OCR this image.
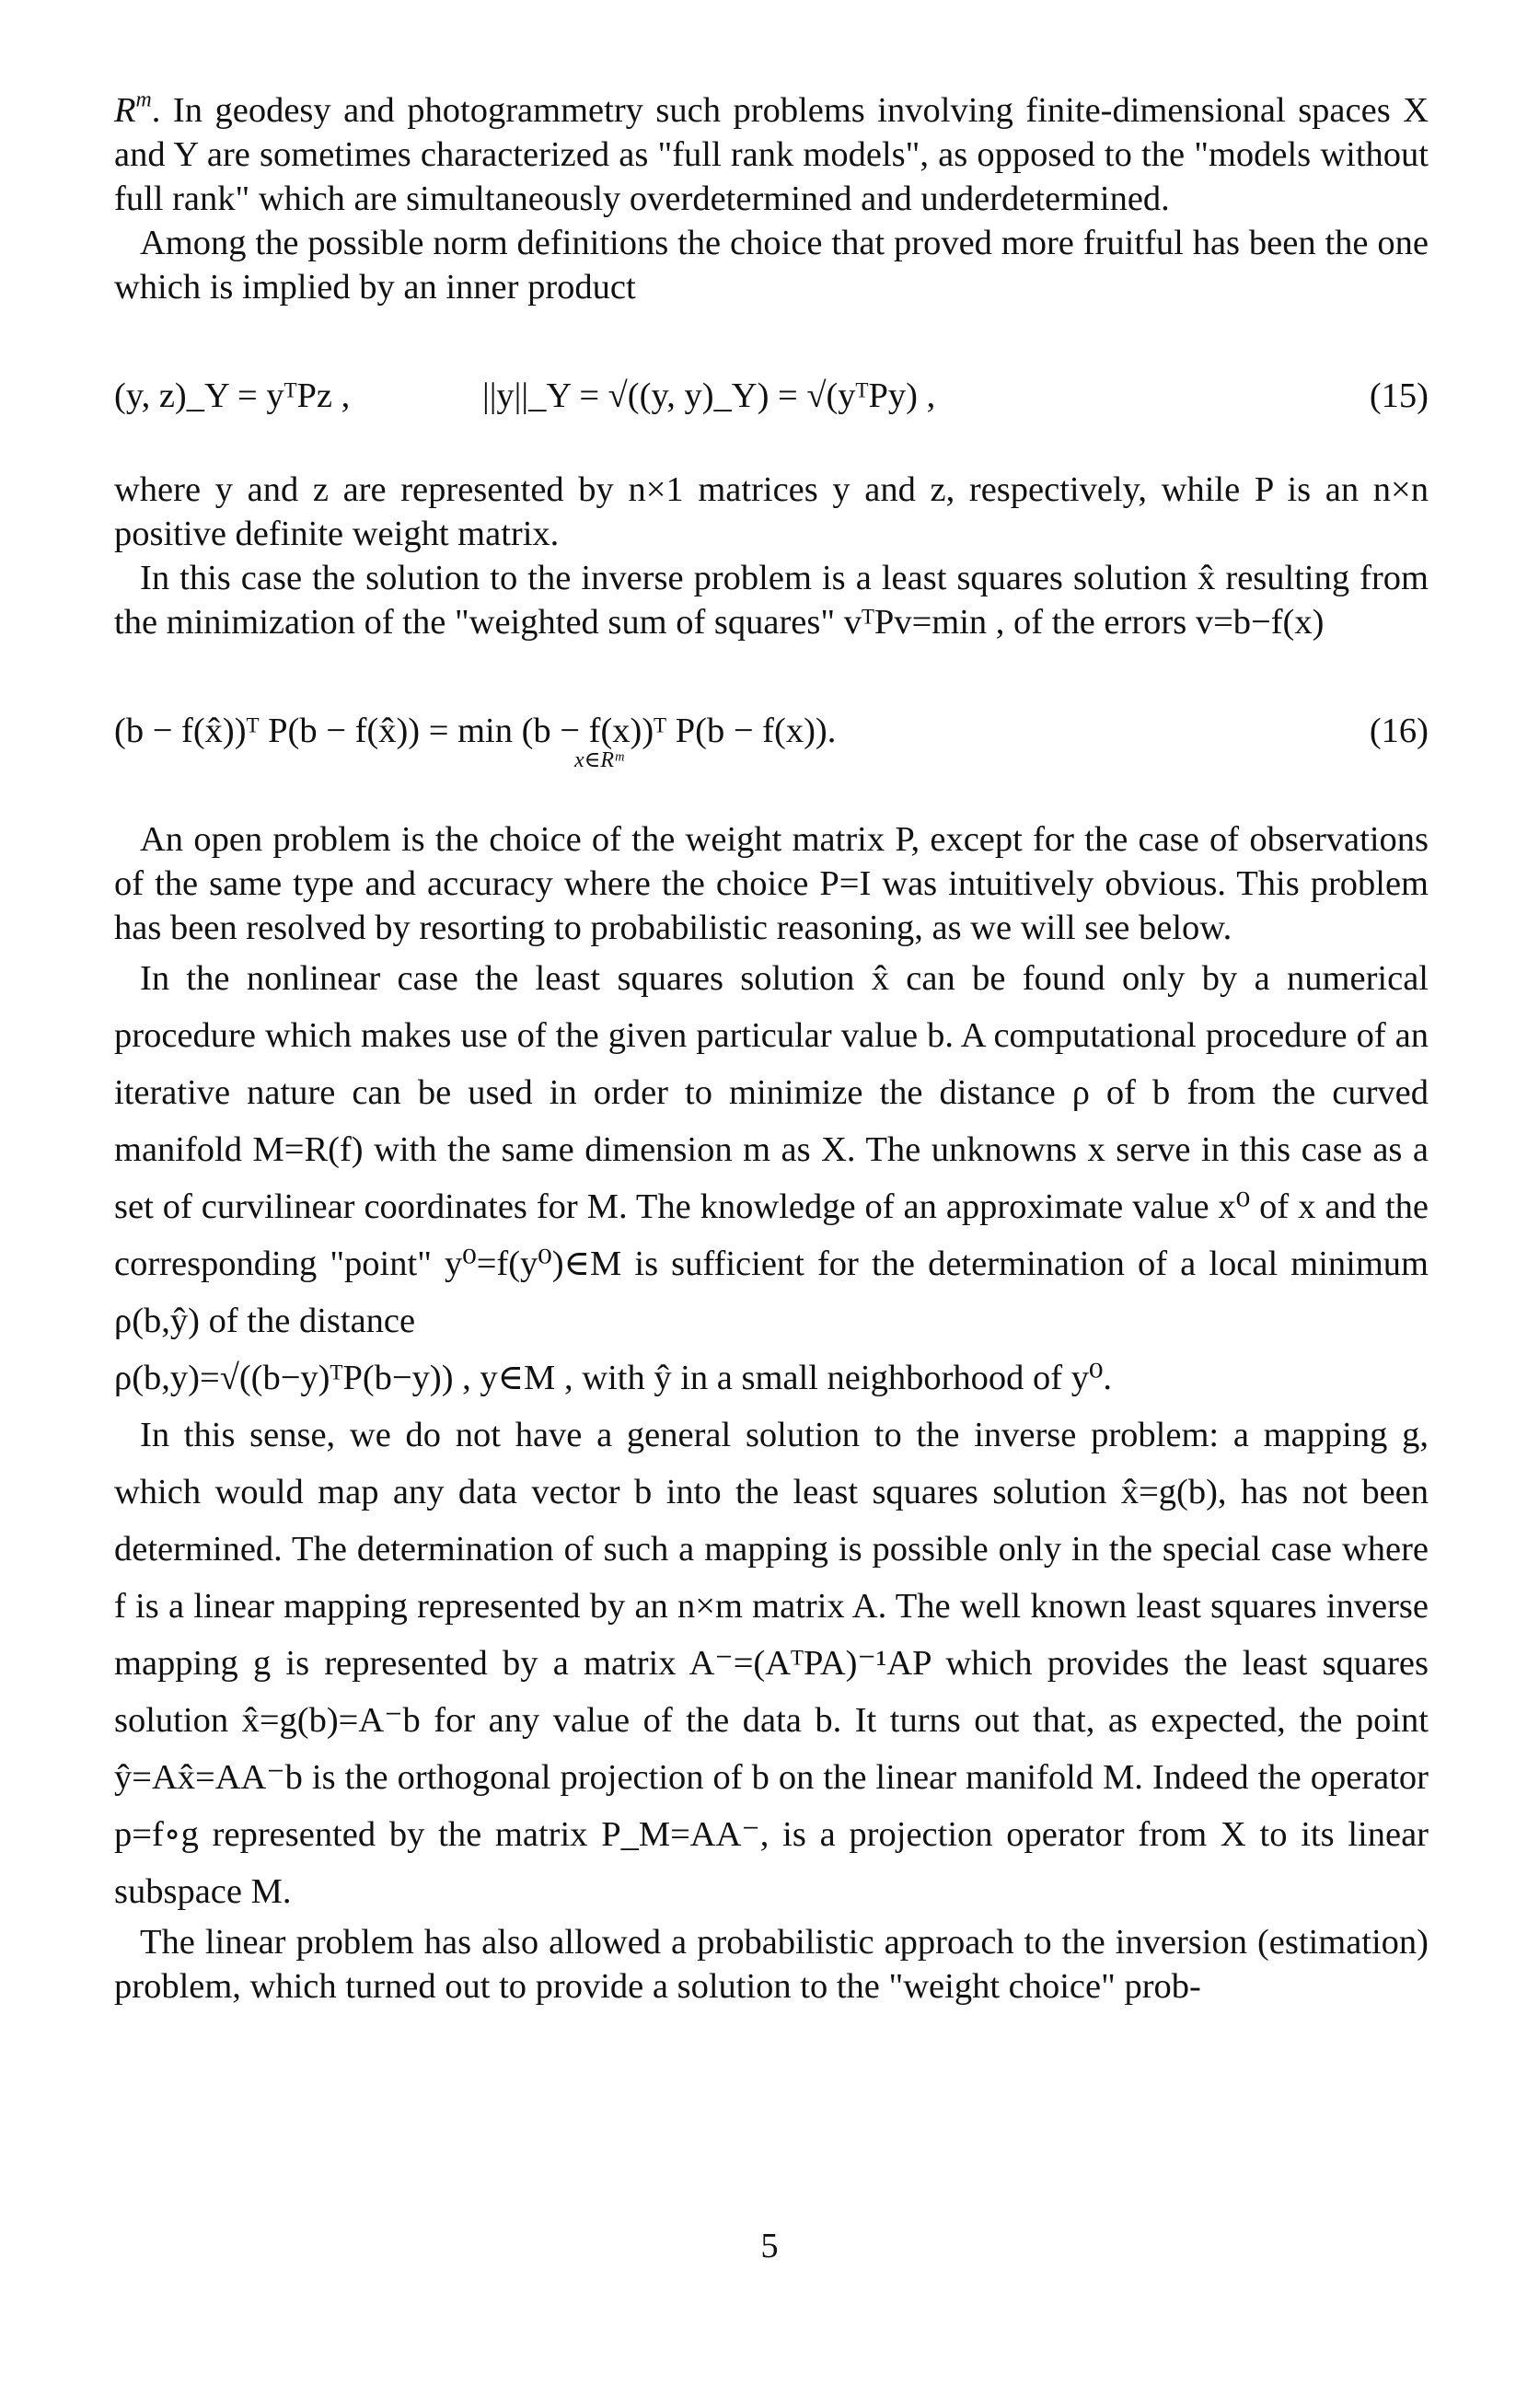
$R^m$. In geodesy and photogrammetry such problems involving finite-dimensional spaces X and Y are sometimes characterized as "full rank models", as opposed to the "models without full rank" which are simultaneously overdetermined and underdetermined.

Among the possible norm definitions the choice that proved more fruitful has been the one which is implied by an inner product

(y, z)_Y = yᵀPz ,	||y||_Y = √((y, y)_Y) = √(yᵀPy) ,	(15)

where y and z are represented by n×1 matrices y and z, respectively, while P is an n×n positive definite weight matrix.

In this case the solution to the inverse problem is a least squares solution x̂ resulting from the minimization of the "weighted sum of squares" vᵀPv=min , of the errors v=b−f(x)

(b − f(x̂))ᵀ P(b − f(x̂)) = min (b − f(x))ᵀ P(b − f(x)).
x∈Rᵐ
(16)

An open problem is the choice of the weight matrix P, except for the case of observations of the same type and accuracy where the choice P=I was intuitively obvious. This problem has been resolved by resorting to probabilistic reasoning, as we will see below.

In the nonlinear case the least squares solution x̂ can be found only by a numerical procedure which makes use of the given particular value b. A computational procedure of an iterative nature can be used in order to minimize the distance ρ of b from the curved manifold M=R(f) with the same dimension m as X. The unknowns x serve in this case as a set of curvilinear coordinates for M. The knowledge of an approximate value x⁰ of x and the corresponding "point" y⁰=f(y⁰)∈M is sufficient for the determination of a local minimum ρ(b,ŷ) of the distance

ρ(b,y)=√((b−y)ᵀP(b−y)) , y∈M , with ŷ in a small neighborhood of y⁰.

In this sense, we do not have a general solution to the inverse problem: a mapping g, which would map any data vector b into the least squares solution x̂=g(b), has not been determined. The determination of such a mapping is possible only in the special case where f is a linear mapping represented by an n×m matrix A. The well known least squares inverse mapping g is represented by a matrix A⁻=(AᵀPA)⁻¹AP which provides the least squares solution x̂=g(b)=A⁻b for any value of the data b. It turns out that, as expected, the point ŷ=Ax̂=AA⁻b is the orthogonal projection of b on the linear manifold M. Indeed the operator p=f∘g represented by the matrix P_M=AA⁻, is a projection operator from X to its linear subspace M.

The linear problem has also allowed a probabilistic approach to the inversion (estimation) problem, which turned out to provide a solution to the "weight choice" prob-

5
